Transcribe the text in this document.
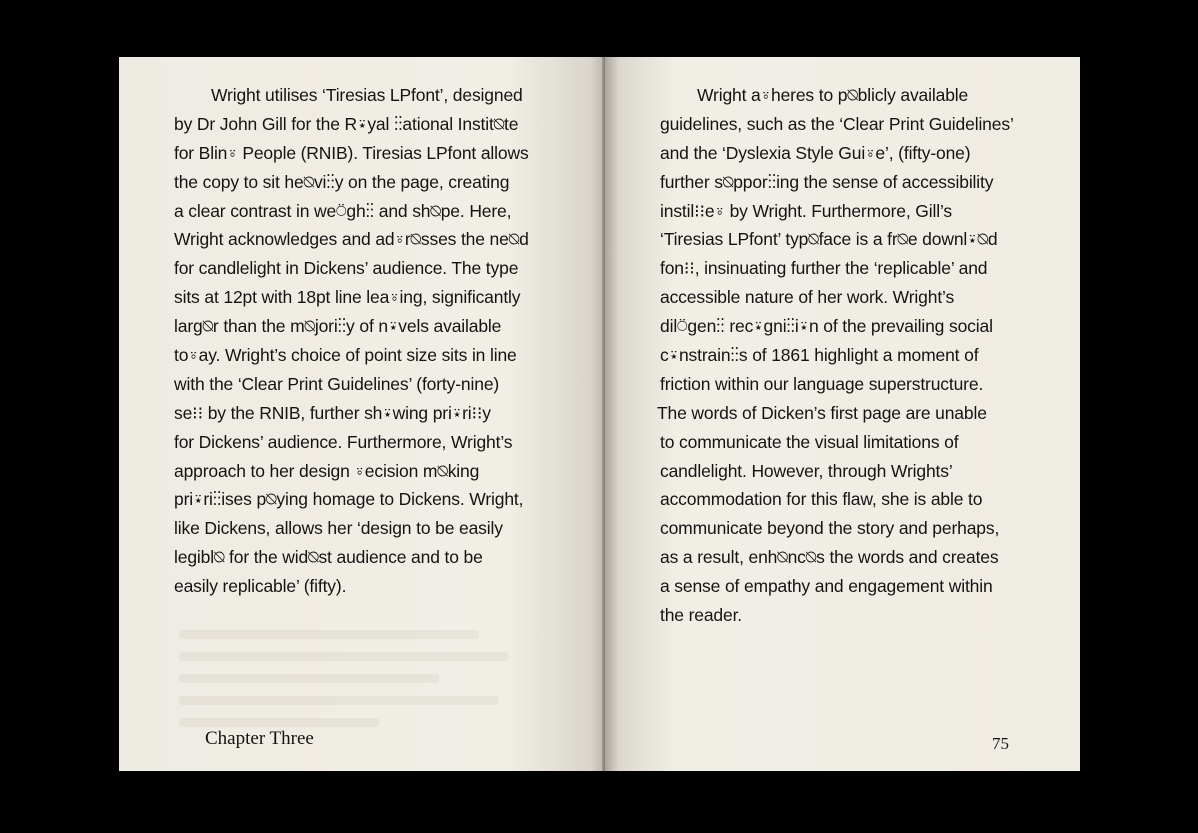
Wright utilises ‘Tiresias LPfont’, designed
by Dr John Gill for the R⍣yal ⁝⁝ational Instit⍉te
for Blin⍤ People (RNIB). Tiresias LPfont allows
the copy to sit he⍉vi⁝⁝y on the page, creating
a clear contrast in we⍥gh⁝⁝ and sh⍉pe. Here,
Wright acknowledges and ad⍤r⍉sses the ne⍉d
for candlelight in Dickens’ audience. The type
sits at 12pt with 18pt line lea⍤ing, significantly
larg⍉r than the m⍉jori⁝⁝y of n⍣vels available
to⍤ay. Wright’s choice of point size sits in line
with the ‘Clear Print Guidelines’ (forty-nine)
se⁝⁝ by the RNIB, further sh⍣wing pri⍣ri⁝⁝y
for Dickens’ audience. Furthermore, Wright’s
approach to her design ⍤ecision m⍉king
pri⍣ri⁝⁝ises p⍉ying homage to Dickens. Wright,
like Dickens, allows her ‘design to be easily
legibl⍉ for the wid⍉st audience and to be
easily replicable’ (fifty).
Chapter Three
Wright a⍤heres to p⍉blicly available
guidelines, such as the ‘Clear Print Guidelines’
and the ‘Dyslexia Style Gui⍤e’, (fifty-one)
further s⍉ppor⁝⁝ing the sense of accessibility
instil⁝⁝e⍤ by Wright. Furthermore, Gill’s
‘Tiresias LPfont’ typ⍉face is a fr⍉e downl⍣⍉d
fon⁝⁝, insinuating further the ‘replicable’ and
accessible nature of her work. Wright’s
dil⍥gen⁝⁝ rec⍣gni⁝⁝i⍣n of the prevailing social
c⍣nstrain⁝⁝s of 1861 highlight a moment of
friction within our language superstructure.
The words of Dicken’s first page are unable
to communicate the visual limitations of
candlelight. However, through Wrights’
accommodation for this flaw, she is able to
communicate beyond the story and perhaps,
as a result, enh⍉nc⍉s the words and creates
a sense of empathy and engagement within
the reader.
75
